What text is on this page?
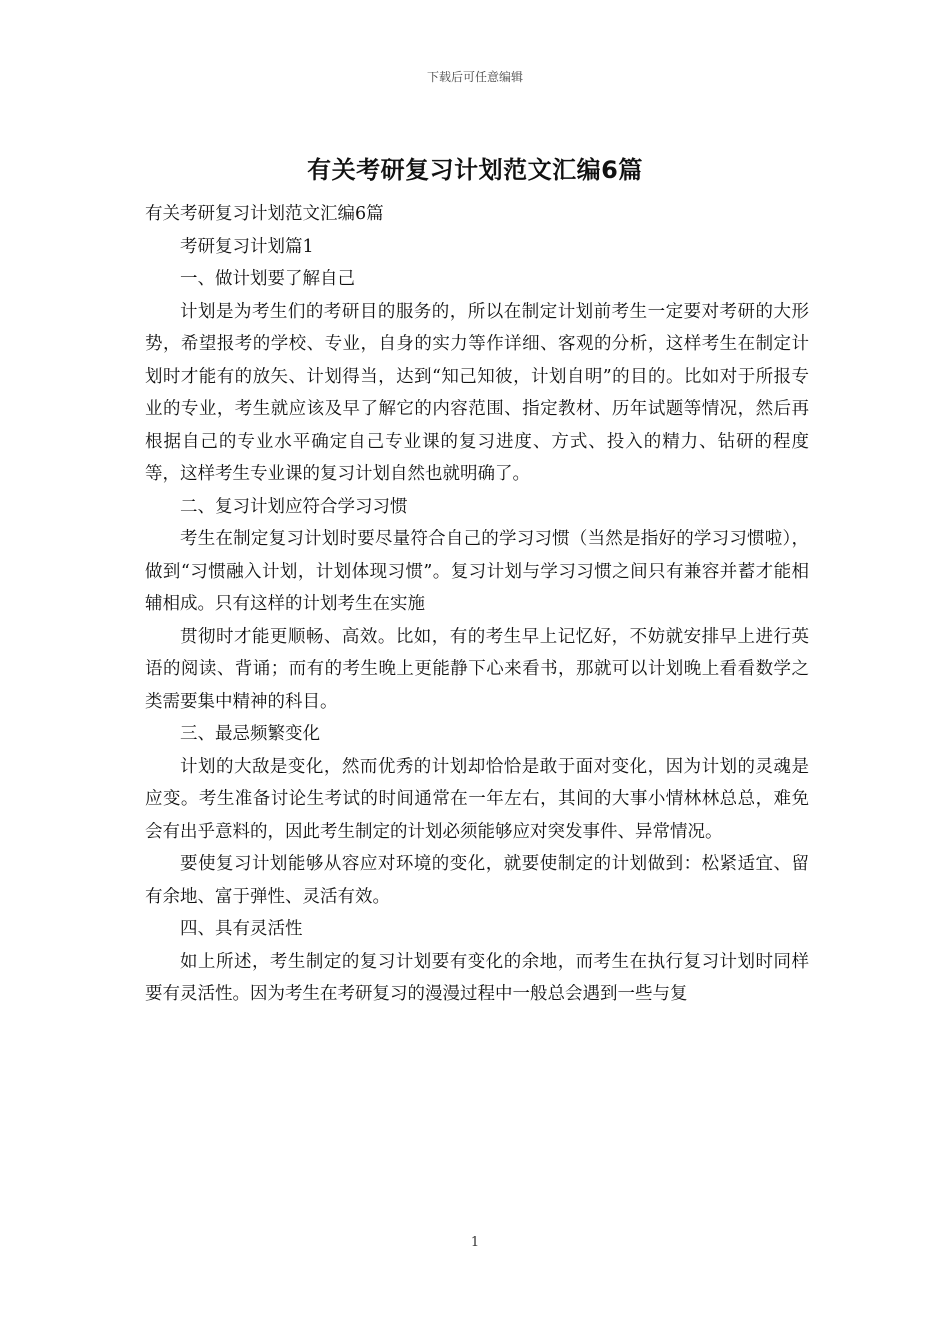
下载后可任意编辑
有关考研复习计划范文汇编6篇

有关考研复习计划范文汇编6篇

考研复习计划篇1

一、做计划要了解自己

计划是为考生们的考研目的服务的，所以在制定计划前考生一定要对考研的大形势，希望报考的学校、专业，自身的实力等作详细、客观的分析，这样考生在制定计划时才能有的放矢、计划得当，达到“知己知彼，计划自明”的目的。比如对于所报专业的专业，考生就应该及早了解它的内容范围、指定教材、历年试题等情况，然后再根据自己的专业水平确定自己专业课的复习进度、方式、投入的精力、钻研的程度等，这样考生专业课的复习计划自然也就明确了。

二、复习计划应符合学习习惯

考生在制定复习计划时要尽量符合自己的学习习惯（当然是指好的学习习惯啦），做到“习惯融入计划，计划体现习惯”。复习计划与学习习惯之间只有兼容并蓄才能相辅相成。只有这样的计划考生在实施

贯彻时才能更顺畅、高效。比如，有的考生早上记忆好，不妨就安排早上进行英语的阅读、背诵；而有的考生晚上更能静下心来看书，那就可以计划晚上看看数学之类需要集中精神的科目。

三、最忌频繁变化

计划的大敌是变化，然而优秀的计划却恰恰是敢于面对变化，因为计划的灵魂是应变。考生准备讨论生考试的时间通常在一年左右，其间的大事小情林林总总，难免会有出乎意料的，因此考生制定的计划必须能够应对突发事件、异常情况。

要使复习计划能够从容应对环境的变化，就要使制定的计划做到：松紧适宜、留有余地、富于弹性、灵活有效。

四、具有灵活性

如上所述，考生制定的复习计划要有变化的余地，而考生在执行复习计划时同样要有灵活性。因为考生在考研复习的漫漫过程中一般总会遇到一些与复

1
